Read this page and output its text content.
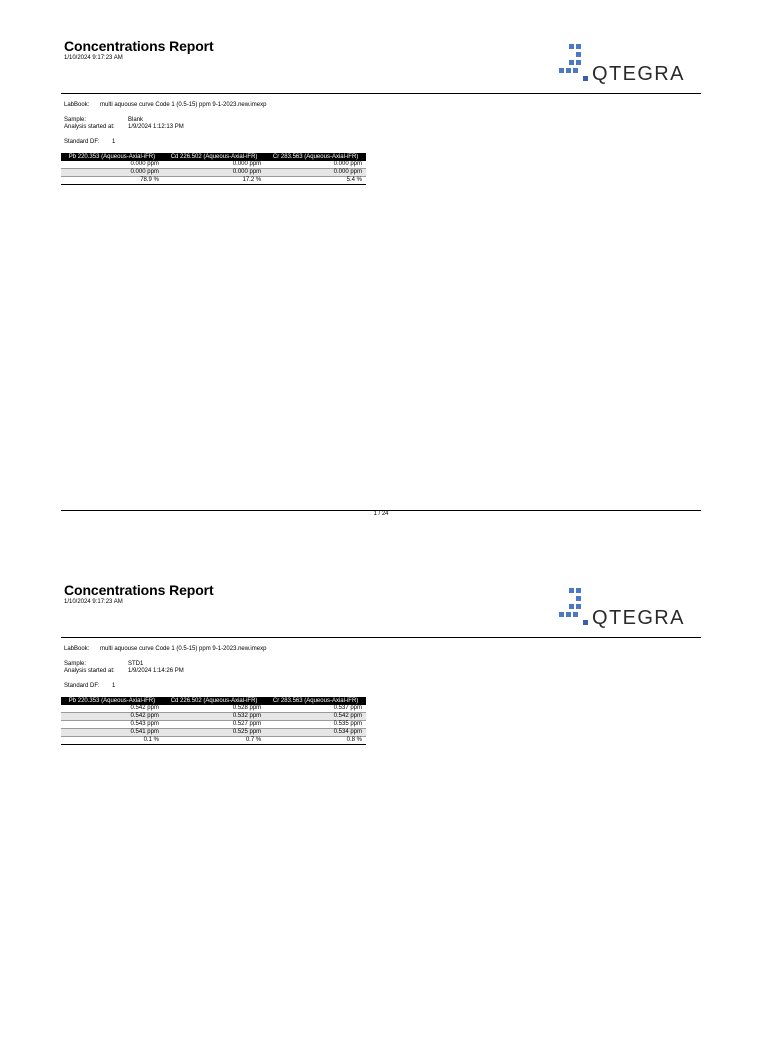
Concentrations Report
1/10/2024 9:17:23 AM
QTEGRA
LabBook: multi aquouse curve Code 1 (0.5-15) ppm 9-1-2023.new.imexp
Sample:	Blank
Analysis started at: 1/9/2024 1:12:13 PM
Standard DF: 1
Pb 220.353 (Aqueous-Axial-iFR)	Cd 226.502 (Aqueous-Axial-iFR)	Cr 283.563 (Aqueous-Axial-iFR)
0.000 ppm	0.000 ppm	0.000 ppm
0.000 ppm	0.000 ppm	0.000 ppm
78.9 %	17.2 %	5.4 %
1 / 24
Concentrations Report
1/10/2024 9:17:23 AM
QTEGRA
LabBook: multi aquouse curve Code 1 (0.5-15) ppm 9-1-2023.new.imexp
Sample:	STD1
Analysis started at: 1/9/2024 1:14:26 PM
Standard DF: 1
Pb 220.353 (Aqueous-Axial-iFR)	Cd 226.502 (Aqueous-Axial-iFR)	Cr 283.563 (Aqueous-Axial-iFR)
0.542 ppm	0.528 ppm	0.537 ppm
0.542 ppm	0.532 ppm	0.542 ppm
0.543 ppm	0.527 ppm	0.535 ppm
0.541 ppm	0.525 ppm	0.534 ppm
0.1 %	0.7 %	0.8 %
